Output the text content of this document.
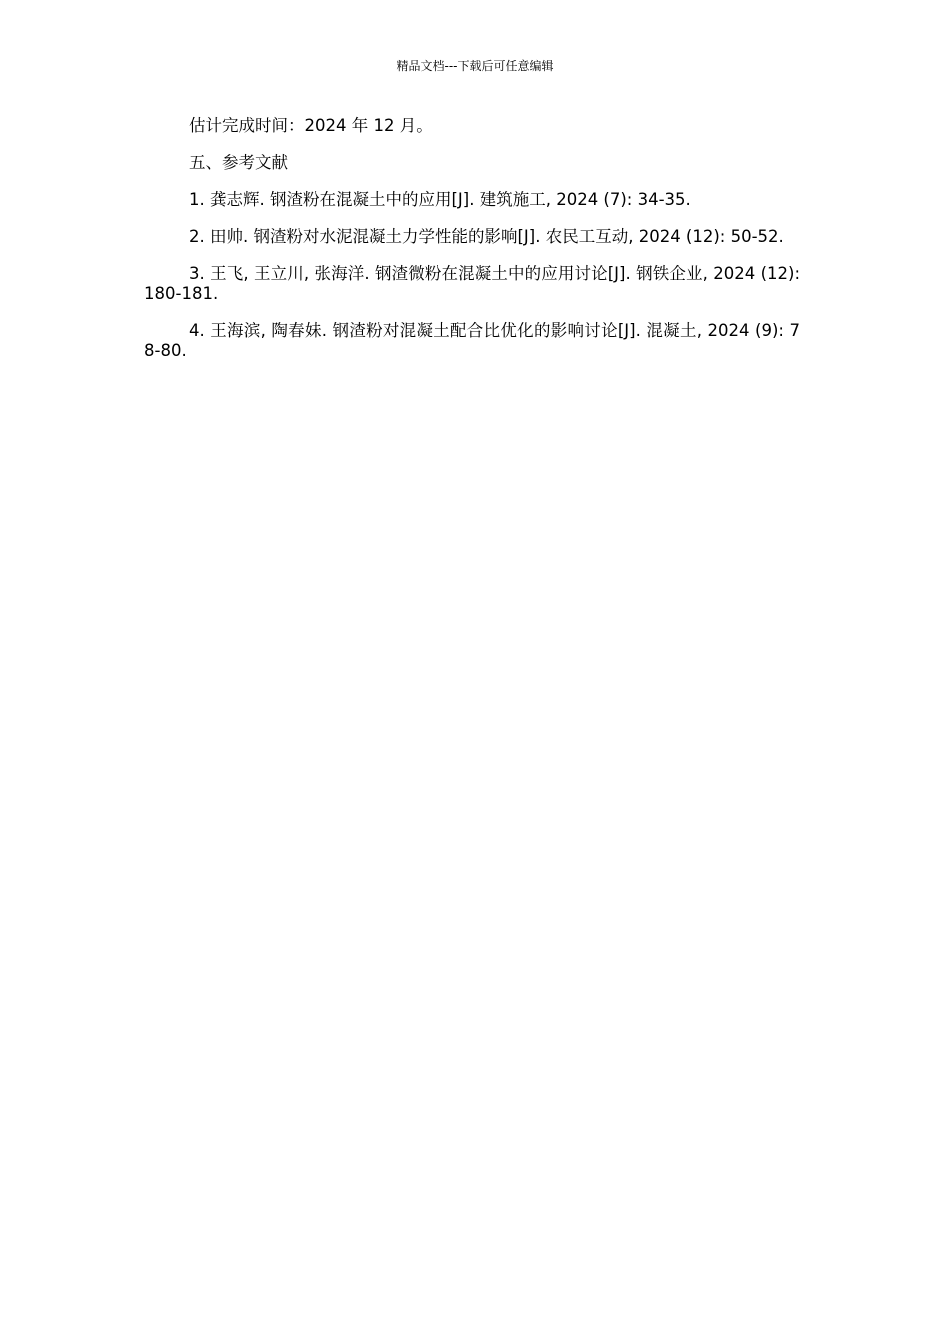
精品文档---下载后可任意编辑

估计完成时间：2024 年 12 月。

五、参考文献

1. 龚志辉. 钢渣粉在混凝土中的应用[J]. 建筑施工, 2024 (7): 34-35.

2. 田帅. 钢渣粉对水泥混凝土力学性能的影响[J]. 农民工互动, 2024 (12): 50-52.

3. 王飞, 王立川, 张海洋. 钢渣微粉在混凝土中的应用讨论[J]. 钢铁企业, 2024 (12): 180-181.

4. 王海滨, 陶春妹. 钢渣粉对混凝土配合比优化的影响讨论[J]. 混凝土, 2024 (9): 78-80.
